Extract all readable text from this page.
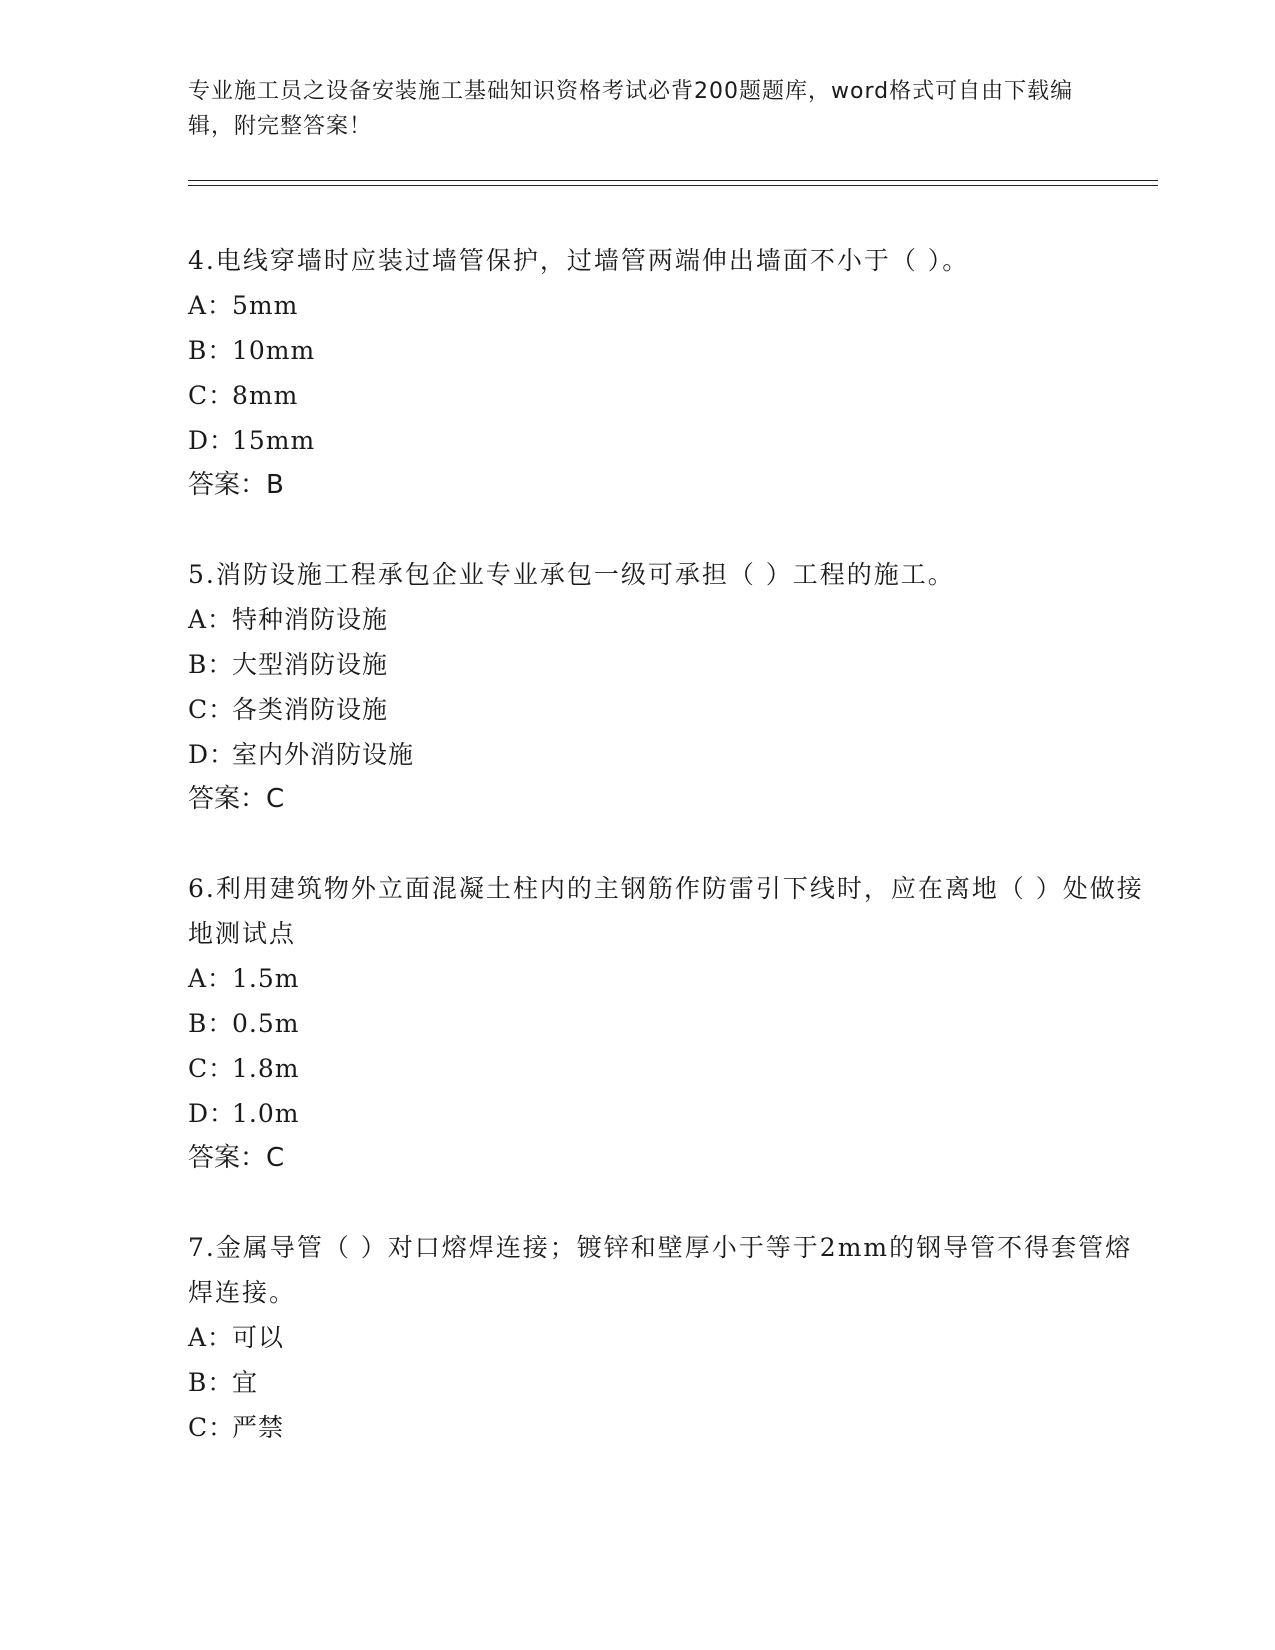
专业施工员之设备安装施工基础知识资格考试必背200题题库，word格式可自由下载编辑，附完整答案！

4.电线穿墙时应装过墙管保护，过墙管两端伸出墙面不小于（ ）。

A：
5mm

B：
10mm

C：
8mm

D：
15mm

答案：B

5.消防设施工程承包企业专业承包一级可承担（ ）工程的施工。

A：
特种消防设施

B：
大型消防设施

C：
各类消防设施

D：
室内外消防设施

答案：C

6.利用建筑物外立面混凝土柱内的主钢筋作防雷引下线时，应在离地（ ）处做接地测试点

A：
1.5m

B：
0.5m

C：
1.8m

D：
1.0m

答案：C

7.金属导管（ ）对口熔焊连接；镀锌和壁厚小于等于2mm的钢导管不得套管熔焊连接。

A：
可以

B：
宜

C：
严禁
